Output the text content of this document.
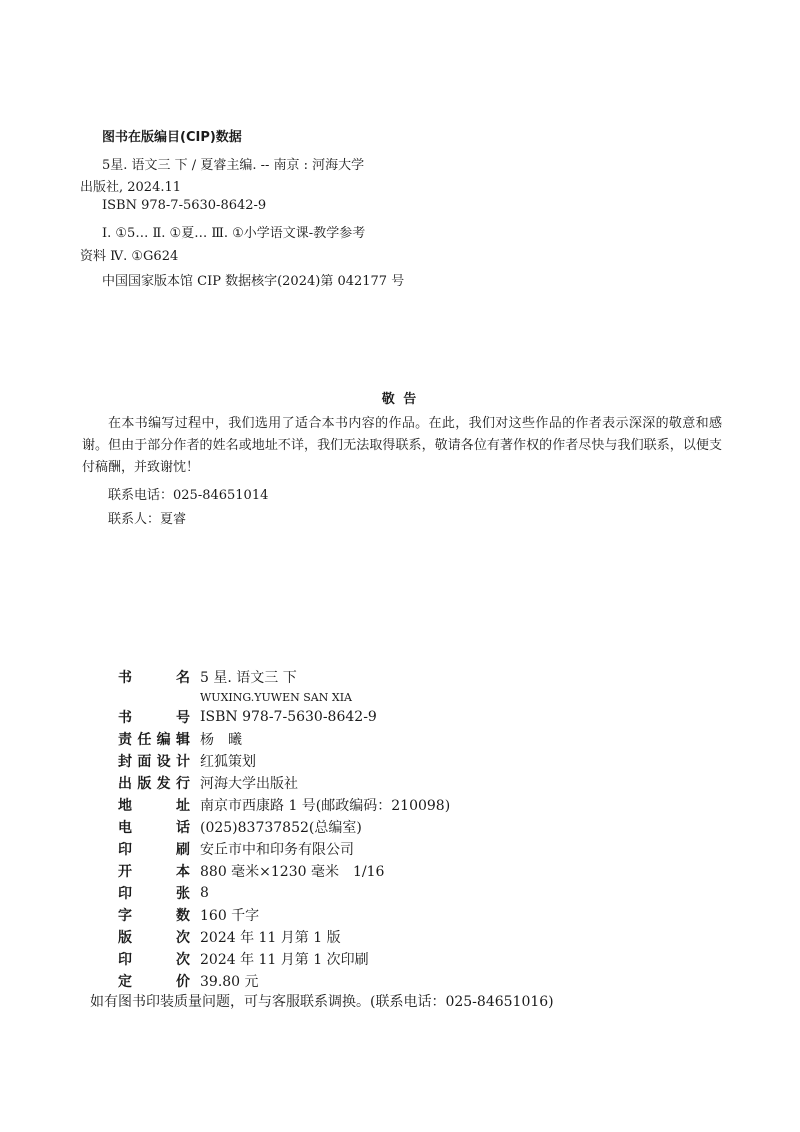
图书在版编目(CIP)数据
5星. 语文三 下 / 夏睿主编. -- 南京 : 河海大学
出版社, 2024.11
ISBN 978-7-5630-8642-9
Ⅰ. ①5… Ⅱ. ①夏… Ⅲ. ①小学语文课-教学参考
资料 Ⅳ. ①G624
中国国家版本馆 CIP 数据核字(2024)第 042177 号
敬 告
在本书编写过程中，我们选用了适合本书内容的作品。在此，我们对这些作品的作者表示深深的敬意和感谢。但由于部分作者的姓名或地址不详，我们无法取得联系，敬请各位有著作权的作者尽快与我们联系，以便支付稿酬，并致谢忱！
联系电话：025-84651014
联系人：夏睿
书名	5 星. 语文三 下
	WUXING.YUWEN SAN XIA
书号	ISBN 978-7-5630-8642-9
责任编辑	杨　曦
封面设计	红狐策划
出版发行	河海大学出版社
地址	南京市西康路 1 号(邮政编码：210098)
电话	(025)83737852(总编室)
印刷	安丘市中和印务有限公司
开本	880 毫米×1230 毫米　1/16
印张	8
字数	160 千字
版次	2024 年 11 月第 1 版
印次	2024 年 11 月第 1 次印刷
定价	39.80 元
如有图书印装质量问题，可与客服联系调换。(联系电话：025-84651016)
